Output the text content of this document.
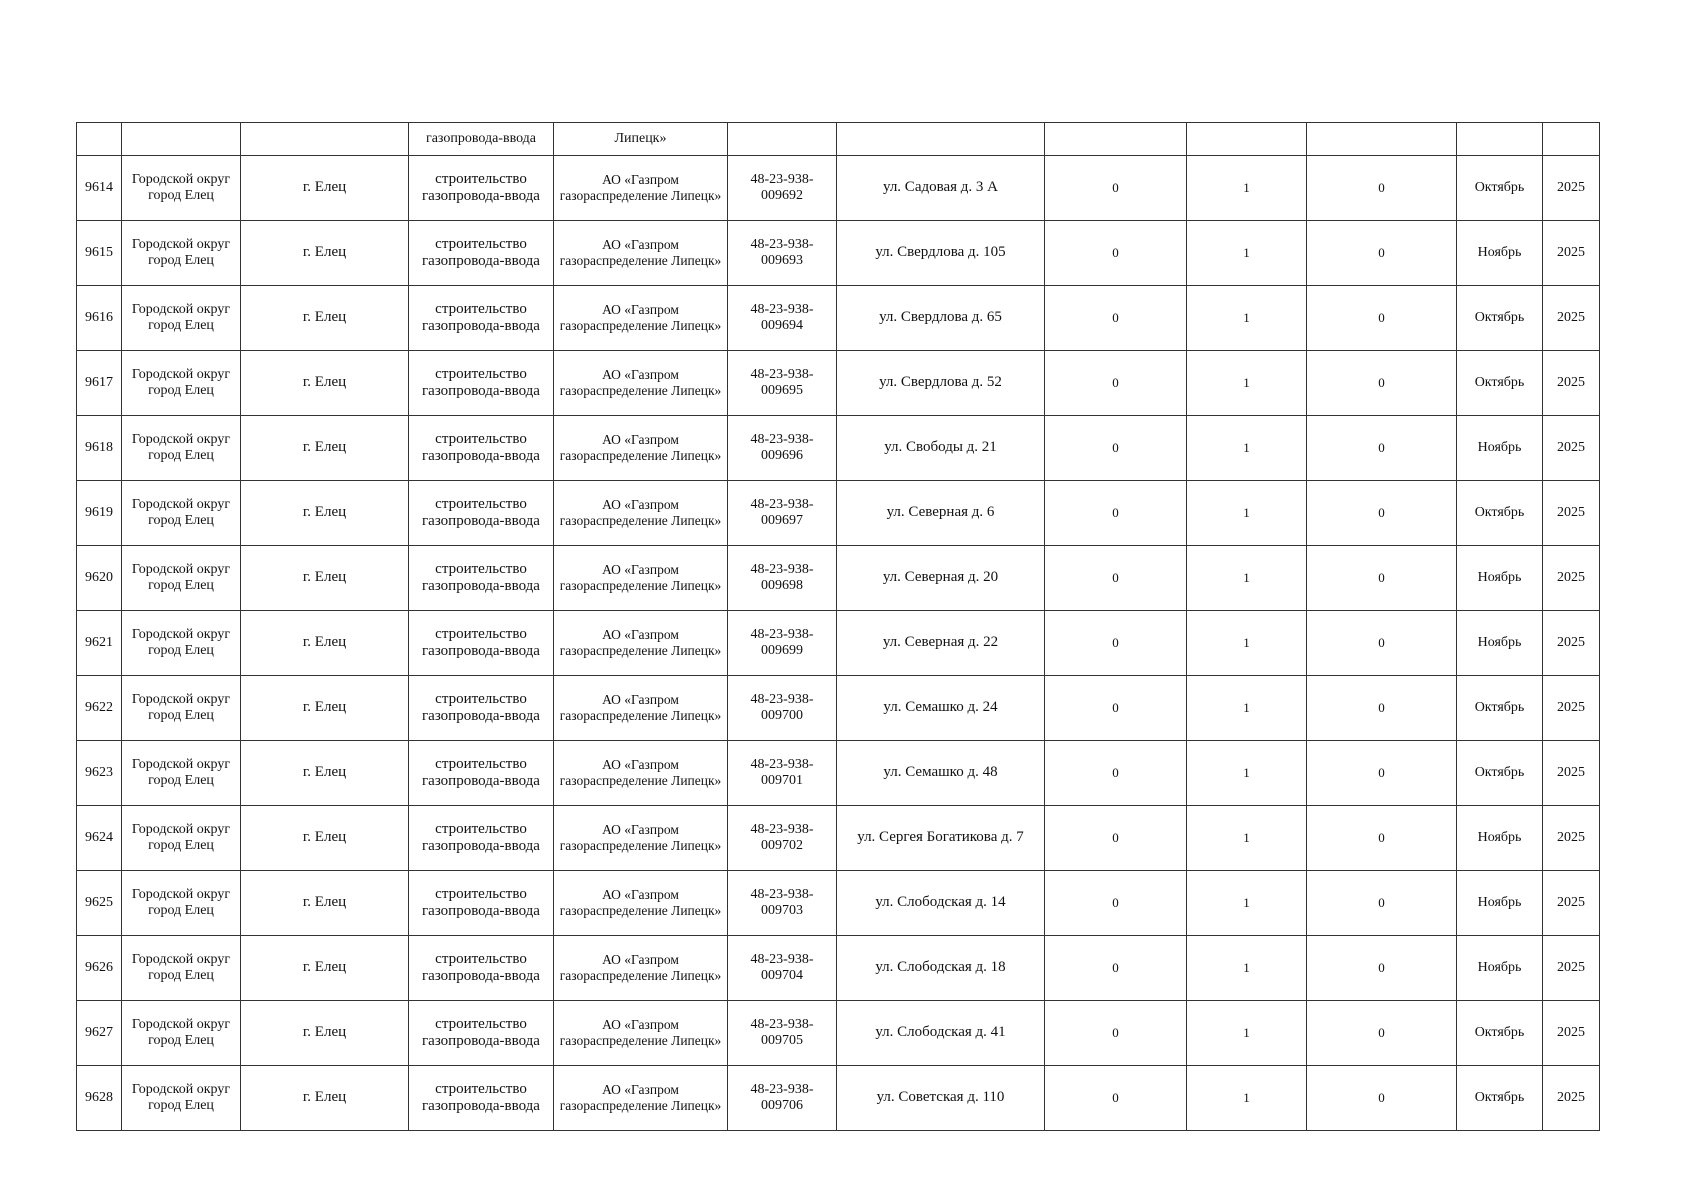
			газопровода-ввода	Липецк»							
9614	Городской округ город Елец	г. Елец	строительство газопровода-ввода	АО «Газпром газораспределение Липецк»	48-23-938-009692	ул. Садовая д. 3 А	0	1	0	Октябрь	2025
9615	Городской округ город Елец	г. Елец	строительство газопровода-ввода	АО «Газпром газораспределение Липецк»	48-23-938-009693	ул. Свердлова д. 105	0	1	0	Ноябрь	2025
9616	Городской округ город Елец	г. Елец	строительство газопровода-ввода	АО «Газпром газораспределение Липецк»	48-23-938-009694	ул. Свердлова д. 65	0	1	0	Октябрь	2025
9617	Городской округ город Елец	г. Елец	строительство газопровода-ввода	АО «Газпром газораспределение Липецк»	48-23-938-009695	ул. Свердлова д. 52	0	1	0	Октябрь	2025
9618	Городской округ город Елец	г. Елец	строительство газопровода-ввода	АО «Газпром газораспределение Липецк»	48-23-938-009696	ул. Свободы д. 21	0	1	0	Ноябрь	2025
9619	Городской округ город Елец	г. Елец	строительство газопровода-ввода	АО «Газпром газораспределение Липецк»	48-23-938-009697	ул. Северная д. 6	0	1	0	Октябрь	2025
9620	Городской округ город Елец	г. Елец	строительство газопровода-ввода	АО «Газпром газораспределение Липецк»	48-23-938-009698	ул. Северная д. 20	0	1	0	Ноябрь	2025
9621	Городской округ город Елец	г. Елец	строительство газопровода-ввода	АО «Газпром газораспределение Липецк»	48-23-938-009699	ул. Северная д. 22	0	1	0	Ноябрь	2025
9622	Городской округ город Елец	г. Елец	строительство газопровода-ввода	АО «Газпром газораспределение Липецк»	48-23-938-009700	ул. Семашко д. 24	0	1	0	Октябрь	2025
9623	Городской округ город Елец	г. Елец	строительство газопровода-ввода	АО «Газпром газораспределение Липецк»	48-23-938-009701	ул. Семашко д. 48	0	1	0	Октябрь	2025
9624	Городской округ город Елец	г. Елец	строительство газопровода-ввода	АО «Газпром газораспределение Липецк»	48-23-938-009702	ул. Сергея Богатикова д. 7	0	1	0	Ноябрь	2025
9625	Городской округ город Елец	г. Елец	строительство газопровода-ввода	АО «Газпром газораспределение Липецк»	48-23-938-009703	ул. Слободская д. 14	0	1	0	Ноябрь	2025
9626	Городской округ город Елец	г. Елец	строительство газопровода-ввода	АО «Газпром газораспределение Липецк»	48-23-938-009704	ул. Слободская д. 18	0	1	0	Ноябрь	2025
9627	Городской округ город Елец	г. Елец	строительство газопровода-ввода	АО «Газпром газораспределение Липецк»	48-23-938-009705	ул. Слободская д. 41	0	1	0	Октябрь	2025
9628	Городской округ город Елец	г. Елец	строительство газопровода-ввода	АО «Газпром газораспределение Липецк»	48-23-938-009706	ул. Советская д. 110	0	1	0	Октябрь	2025
